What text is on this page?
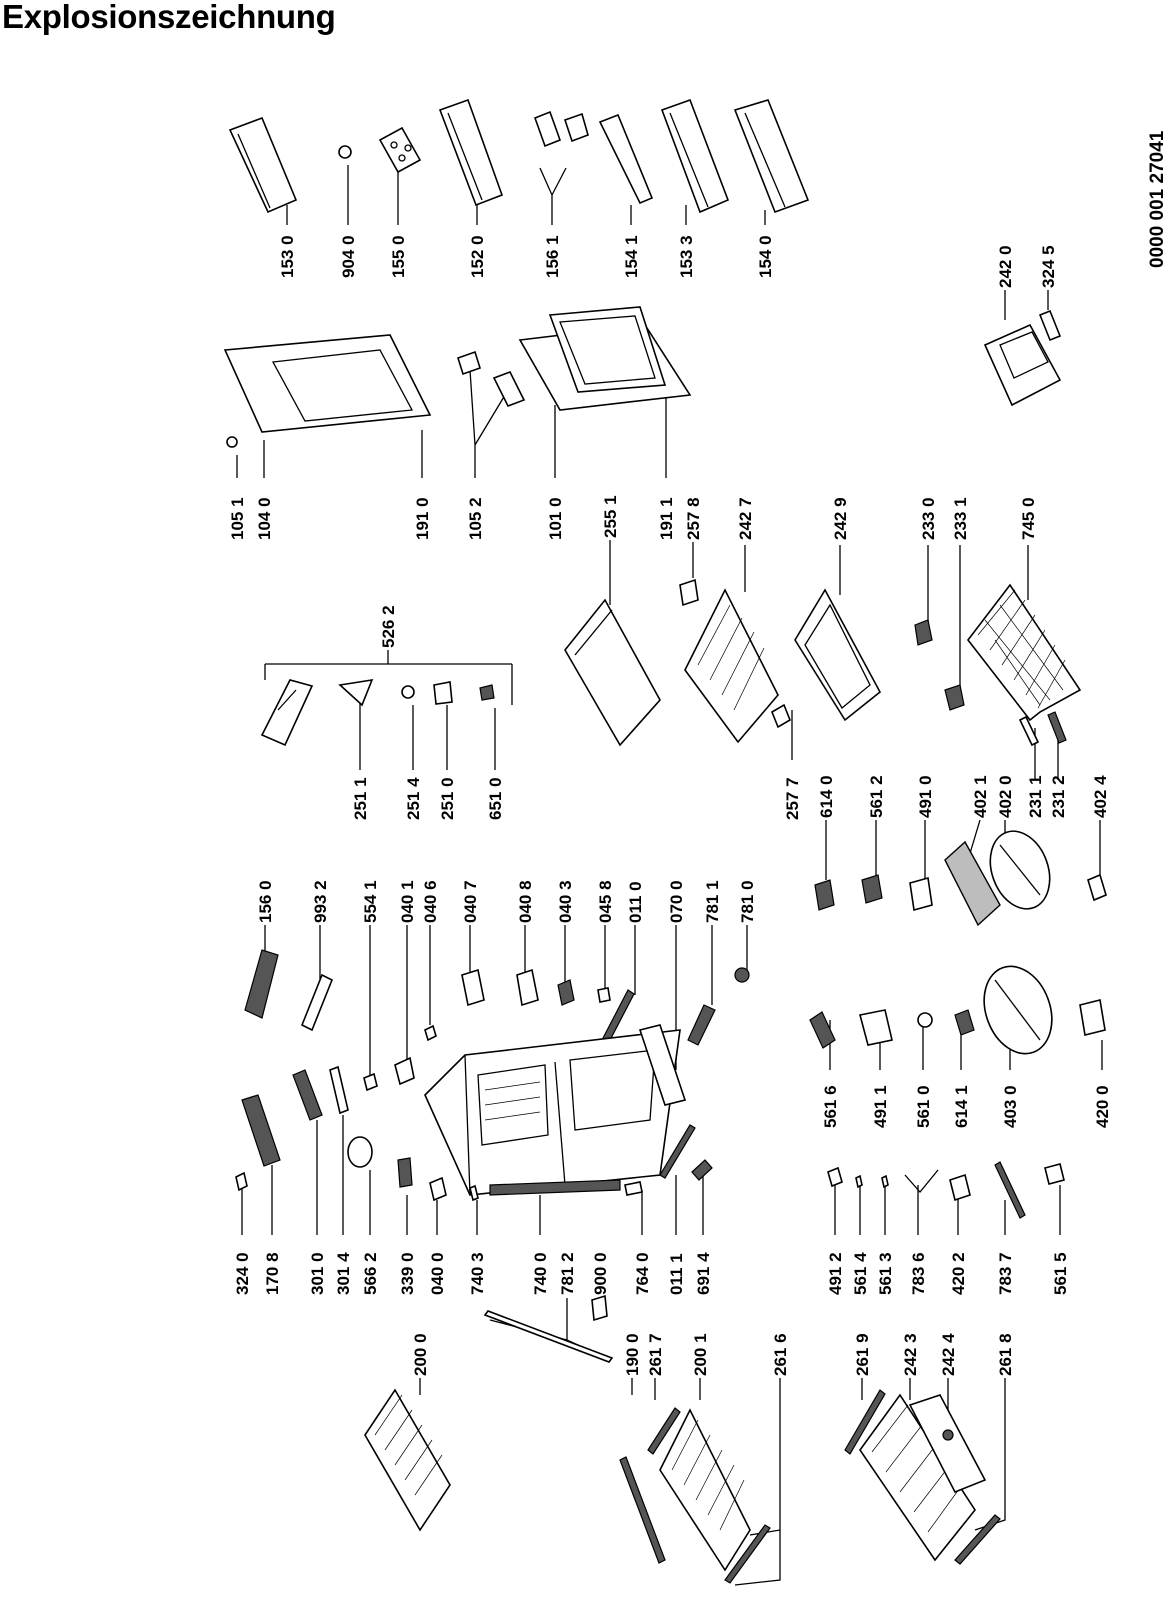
Explosionszeichnung
0000 001 27041
153 0 904 0 155 0	152 0	156 1	154 1 153 3	154 0
105 1 104 0	191 0 105 2	101 0	191 1
242 0 324 5
526 2
255 1	257 8 242 7	242 9	233 0 233 1	745 0
251 1 251 4 251 0 651 0	257 7 614 0 561 2 491 0 402 1 402 0 231 1 231 2 402 4
156 0 993 2 554 1 040 1 040 6 040 7 040 8 040 3 045 8 011 0 070 0 781 1 781 0
561 6 491 1 561 0 614 1 403 0	420 0
324 0 170 8 301 0 301 4 566 2 339 0 040 0 740 3	740 0 781 2 900 0 764 0 011 1 691 4	491 2 561 4 561 3 783 6 420 2 783 7 561 5
200 0	190 0 261 7 200 1	261 6	261 9 242 3 242 4 261 8
